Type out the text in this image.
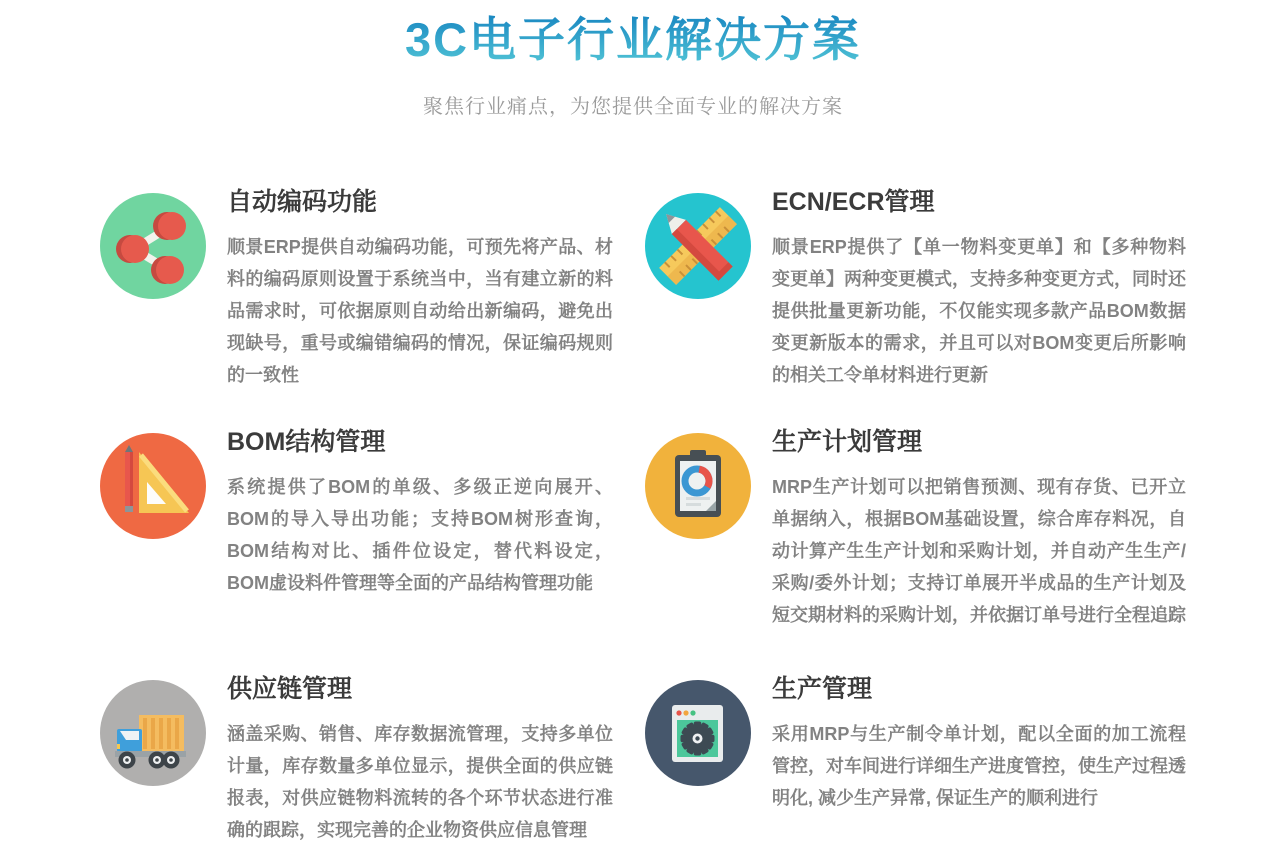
3C电子行业解决方案

聚焦行业痛点，为您提供全面专业的解决方案

自动编码功能

顺景ERP提供自动编码功能，可预先将产品、材料的编码原则设置于系统当中，当有建立新的料品需求时，可依据原则自动给出新编码，避免出现缺号，重号或编错编码的情况，保证编码规则的一致性

ECN/ECR管理

顺景ERP提供了【单一物料变更单】和【多种物料变更单】两种变更模式，支持多种变更方式，同时还提供批量更新功能，不仅能实现多款产品BOM数据变更新版本的需求，并且可以对BOM变更后所影响的相关工令单材料进行更新

BOM结构管理

系统提供了BOM的单级、多级正逆向展开、BOM的导入导出功能；支持BOM树形查询，BOM结构对比、插件位设定，替代料设定，BOM虚设料件管理等全面的产品结构管理功能

生产计划管理

MRP生产计划可以把销售预测、现有存货、已开立单据纳入，根据BOM基础设置，综合库存料况，自动计算产生生产计划和采购计划，并自动产生生产/采购/委外计划；支持订单展开半成品的生产计划及短交期材料的采购计划，并依据订单号进行全程追踪

供应链管理

涵盖采购、销售、库存数据流管理，支持多单位计量，库存数量多单位显示，提供全面的供应链报表，对供应链物料流转的各个环节状态进行准确的跟踪，实现完善的企业物资供应信息管理

生产管理

采用MRP与生产制令单计划，配以全面的加工流程管控，对车间进行详细生产进度管控，使生产过程透明化, 减少生产异常, 保证生产的顺利进行
